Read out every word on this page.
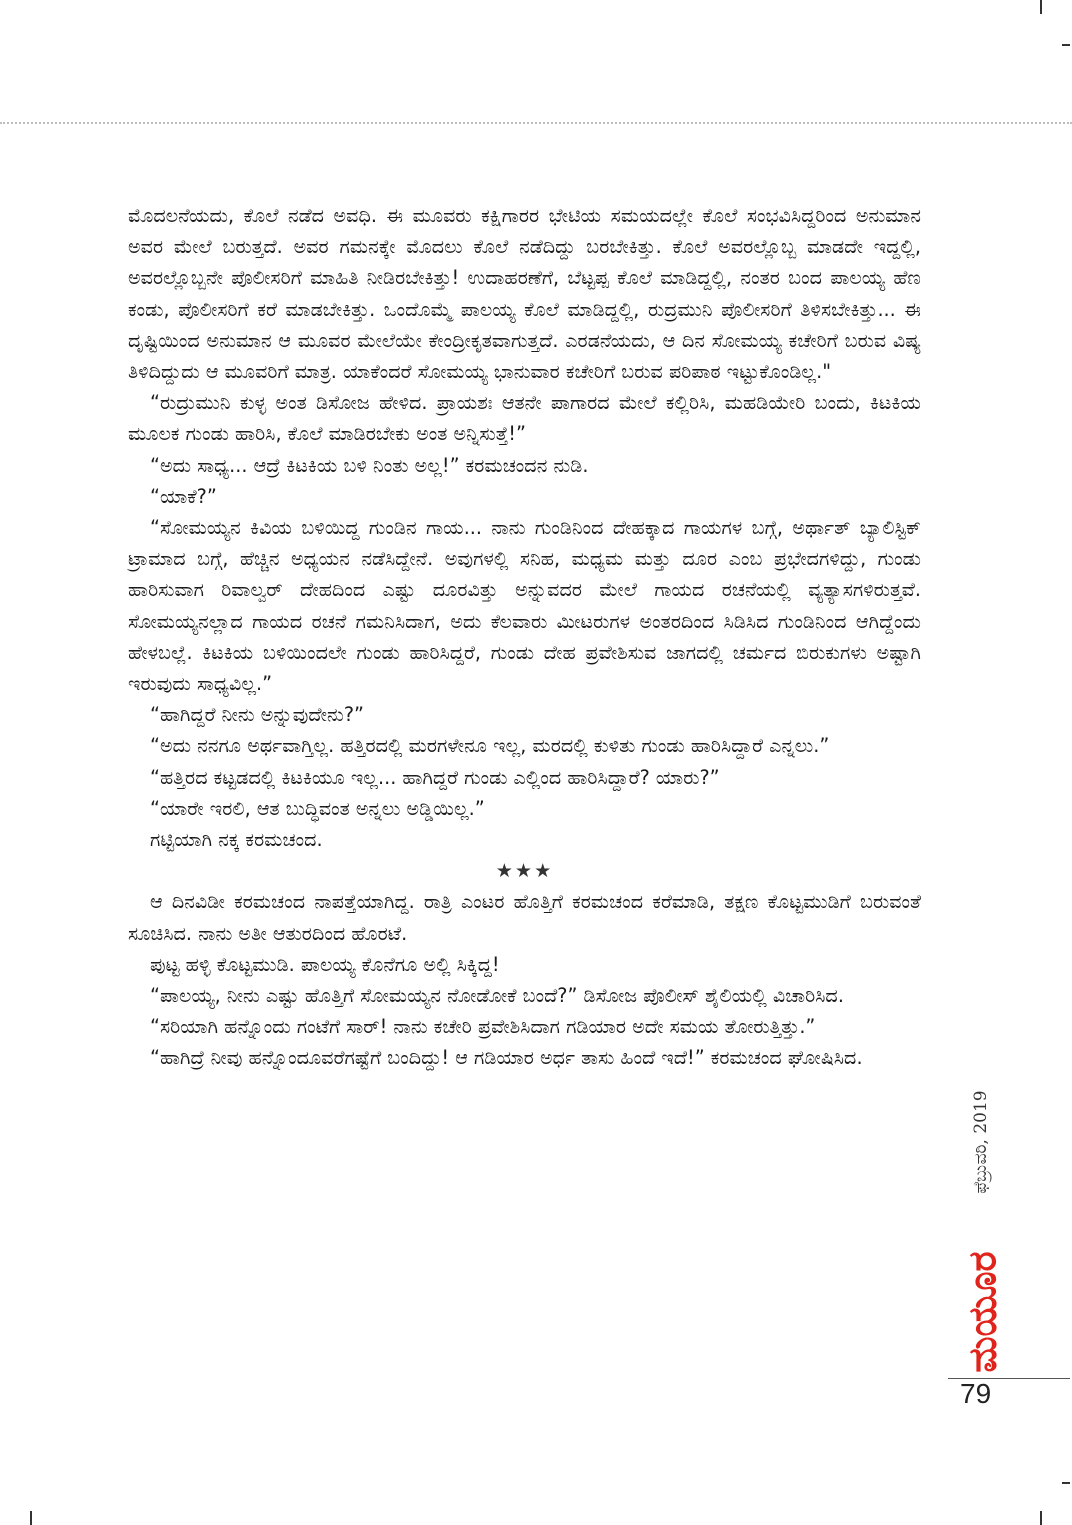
ಮೊದಲನೆಯದು, ಕೊಲೆ ನಡೆದ ಅವಧಿ. ಈ ಮೂವರು ಕಕ್ಷಿಗಾರರ ಭೇಟಿಯ ಸಮಯದಲ್ಲೇ ಕೊಲೆ ಸಂಭವಿಸಿದ್ದರಿಂದ ಅನುಮಾನ ಅವರ ಮೇಲೆ ಬರುತ್ತದೆ. ಅವರ ಗಮನಕ್ಕೇ ಮೊದಲು ಕೊಲೆ ನಡೆದಿದ್ದು ಬರಬೇಕಿತ್ತು. ಕೊಲೆ ಅವರಲ್ಲೊಬ್ಬ ಮಾಡದೇ ಇದ್ದಲ್ಲಿ, ಅವರಲ್ಲೊಬ್ಬನೇ ಪೊಲೀಸರಿಗೆ ಮಾಹಿತಿ ನೀಡಿರಬೇಕಿತ್ತು! ಉದಾಹರಣೆಗೆ, ಬೆಟ್ಟಪ್ಪ ಕೊಲೆ ಮಾಡಿದ್ದಲ್ಲಿ, ನಂತರ ಬಂದ ಪಾಲಯ್ಯ ಹೆಣ ಕಂಡು, ಪೊಲೀಸರಿಗೆ ಕರೆ ಮಾಡಬೇಕಿತ್ತು. ಒಂದೊಮ್ಮೆ ಪಾಲಯ್ಯ ಕೊಲೆ ಮಾಡಿದ್ದಲ್ಲಿ, ರುದ್ರಮುನಿ ಪೊಲೀಸರಿಗೆ ತಿಳಿಸಬೇಕಿತ್ತು... ಈ ದೃಷ್ಟಿಯಿಂದ ಅನುಮಾನ ಆ ಮೂವರ ಮೇಲೆಯೇ ಕೇಂದ್ರೀಕೃತವಾಗುತ್ತದೆ. ಎರಡನೆಯದು, ಆ ದಿನ ಸೋಮಯ್ಯ ಕಚೇರಿಗೆ ಬರುವ ವಿಷ್ಯ ತಿಳಿದಿದ್ದುದು ಆ ಮೂವರಿಗೆ ಮಾತ್ರ. ಯಾಕೆಂದರೆ ಸೋಮಯ್ಯ ಭಾನುವಾರ ಕಚೇರಿಗೆ ಬರುವ ಪರಿಪಾಠ ಇಟ್ಟುಕೊಂಡಿಲ್ಲ."

“ರುದ್ರುಮುನಿ ಕುಳ್ಳ ಅಂತ ಡಿಸೋಜ ಹೇಳಿದ. ಪ್ರಾಯಶಃ ಆತನೇ ಪಾಗಾರದ ಮೇಲೆ ಕಲ್ಲಿರಿಸಿ, ಮಹಡಿಯೇರಿ ಬಂದು, ಕಿಟಕಿಯ ಮೂಲಕ ಗುಂಡು ಹಾರಿಸಿ, ಕೊಲೆ ಮಾಡಿರಬೇಕು ಅಂತ ಅನ್ನಿಸುತ್ತೆ!”

“ಅದು ಸಾಧ್ಯ... ಆದ್ರೆ ಕಿಟಕಿಯ ಬಳಿ ನಿಂತು ಅಲ್ಲ!” ಕರಮಚಂದನ ನುಡಿ.

“ಯಾಕೆ?”

“ಸೋಮಯ್ಯನ ಕಿವಿಯ ಬಳಿಯಿದ್ದ ಗುಂಡಿನ ಗಾಯ... ನಾನು ಗುಂಡಿನಿಂದ ದೇಹಕ್ಕಾದ ಗಾಯಗಳ ಬಗ್ಗೆ, ಅರ್ಥಾತ್ ಬ್ಯಾಲಿಸ್ಟಿಕ್ ಟ್ರಾಮಾದ ಬಗ್ಗೆ, ಹೆಚ್ಚಿನ ಅಧ್ಯಯನ ನಡೆಸಿದ್ದೇನೆ. ಅವುಗಳಲ್ಲಿ ಸನಿಹ, ಮಧ್ಯಮ ಮತ್ತು ದೂರ ಎಂಬ ಪ್ರಭೇದಗಳಿದ್ದು, ಗುಂಡು ಹಾರಿಸುವಾಗ ರಿವಾಲ್ವರ್ ದೇಹದಿಂದ ಎಷ್ಟು ದೂರವಿತ್ತು ಅನ್ನುವದರ ಮೇಲೆ ಗಾಯದ ರಚನೆಯಲ್ಲಿ ವ್ಯತ್ಯಾಸಗಳಿರುತ್ತವೆ. ಸೋಮಯ್ಯನಲ್ಲಾದ ಗಾಯದ ರಚನೆ ಗಮನಿಸಿದಾಗ, ಅದು ಕೆಲವಾರು ಮೀಟರುಗಳ ಅಂತರದಿಂದ ಸಿಡಿಸಿದ ಗುಂಡಿನಿಂದ ಆಗಿದ್ದೆಂದು ಹೇಳಬಲ್ಲೆ. ಕಿಟಕಿಯ ಬಳಿಯಿಂದಲೇ ಗುಂಡು ಹಾರಿಸಿದ್ದರೆ, ಗುಂಡು ದೇಹ ಪ್ರವೇಶಿಸುವ ಜಾಗದಲ್ಲಿ ಚರ್ಮದ ಬಿರುಕುಗಳು ಅಷ್ಟಾಗಿ ಇರುವುದು ಸಾಧ್ಯವಿಲ್ಲ.”

“ಹಾಗಿದ್ದರೆ ನೀನು ಅನ್ನುವುದೇನು?”

“ಅದು ನನಗೂ ಅರ್ಥವಾಗ್ತಿಲ್ಲ. ಹತ್ತಿರದಲ್ಲಿ ಮರಗಳೇನೂ ಇಲ್ಲ, ಮರದಲ್ಲಿ ಕುಳಿತು ಗುಂಡು ಹಾರಿಸಿದ್ದಾರೆ ಎನ್ನಲು.”

“ಹತ್ತಿರದ ಕಟ್ಟಡದಲ್ಲಿ ಕಿಟಕಿಯೂ ಇಲ್ಲ... ಹಾಗಿದ್ದರೆ ಗುಂಡು ಎಲ್ಲಿಂದ ಹಾರಿಸಿದ್ದಾರೆ? ಯಾರು?”

“ಯಾರೇ ಇರಲಿ, ಆತ ಬುದ್ಧಿವಂತ ಅನ್ನಲು ಅಡ್ಡಿಯಿಲ್ಲ.”

ಗಟ್ಟಿಯಾಗಿ ನಕ್ಕ ಕರಮಚಂದ.

★★★

ಆ ದಿನವಿಡೀ ಕರಮಚಂದ ನಾಪತ್ತೆಯಾಗಿದ್ದ. ರಾತ್ರಿ ಎಂಟರ ಹೊತ್ತಿಗೆ ಕರಮಚಂದ ಕರೆಮಾಡಿ, ತಕ್ಷಣ ಕೊಟ್ಟಮುಡಿಗೆ ಬರುವಂತೆ ಸೂಚಿಸಿದ. ನಾನು ಅತೀ ಆತುರದಿಂದ ಹೊರಟೆ.

ಪುಟ್ಟ ಹಳ್ಳಿ ಕೊಟ್ಟಮುಡಿ. ಪಾಲಯ್ಯ ಕೊನೆಗೂ ಅಲ್ಲಿ ಸಿಕ್ಕಿದ್ದ!

“ಪಾಲಯ್ಯ, ನೀನು ಎಷ್ಟು ಹೊತ್ತಿಗೆ ಸೋಮಯ್ಯನ ನೋಡೋಕೆ ಬಂದೆ?” ಡಿಸೋಜ ಪೊಲೀಸ್ ಶೈಲಿಯಲ್ಲಿ ವಿಚಾರಿಸಿದ.

“ಸರಿಯಾಗಿ ಹನ್ನೊಂದು ಗಂಟೆಗೆ ಸಾರ್! ನಾನು ಕಚೇರಿ ಪ್ರವೇಶಿಸಿದಾಗ ಗಡಿಯಾರ ಅದೇ ಸಮಯ ತೋರುತ್ತಿತ್ತು.”

“ಹಾಗಿದ್ರೆ ನೀವು ಹನ್ನೊಂದೂವರೆಗಷ್ಟೆಗೆ ಬಂದಿದ್ದು! ಆ ಗಡಿಯಾರ ಅರ್ಧ ತಾಸು ಹಿಂದೆ ಇದೆ!” ಕರಮಚಂದ ಘೋಷಿಸಿದ.

ಫೆಬ್ರುವರಿ, 2019
ಮಯೂರ
79
